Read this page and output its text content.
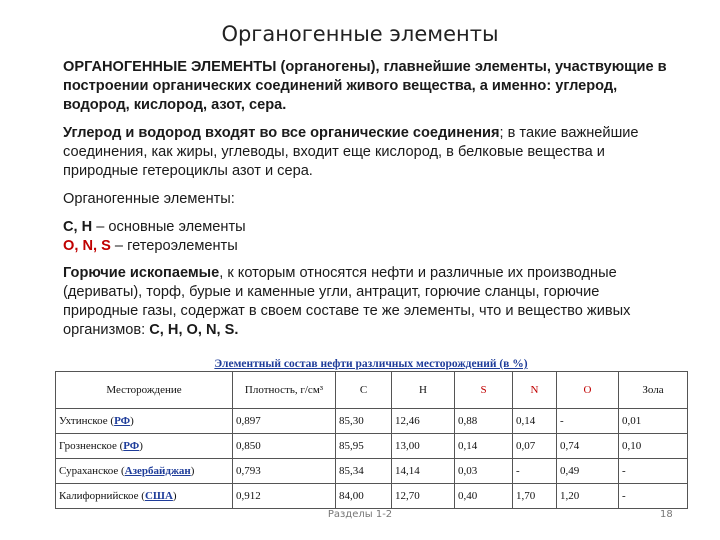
Органогенные элементы

ОРГАНОГЕННЫЕ ЭЛЕМЕНТЫ (органогены), главнейшие элементы, участвующие в построении органических соединений живого вещества, а именно: углерод, водород, кислород, азот, сера.

Углерод и водород входят во все органические соединения; в такие важнейшие соединения, как жиры, углеводы, входит еще кислород, в белковые вещества и природные гетероциклы азот и сера.

Органогенные элементы:

C, H – основные элементы
O, N, S – гетероэлементы

Горючие ископаемые, к которым относятся нефти и различные их производные (дериваты), торф, бурые и каменные угли, антрацит, горючие сланцы, горючие природные газы, содержат в своем составе те же элементы, что и вещество живых организмов: C, H, O, N, S.

Элементный состав нефти различных месторождений (в %)
Месторождение	Плотность, г/см³	C	H	S	N	O	Зола
Ухтинское (РФ)	0,897	85,30	12,46	0,88	0,14	-	0,01
Грозненское (РФ)	0,850	85,95	13,00	0,14	0,07	0,74	0,10
Сураханское (Азербайджан)	0,793	85,34	14,14	0,03	-	0,49	-
Калифорнийское (США)	0,912	84,00	12,70	0,40	1,70	1,20	-
Разделы 1-2	18
